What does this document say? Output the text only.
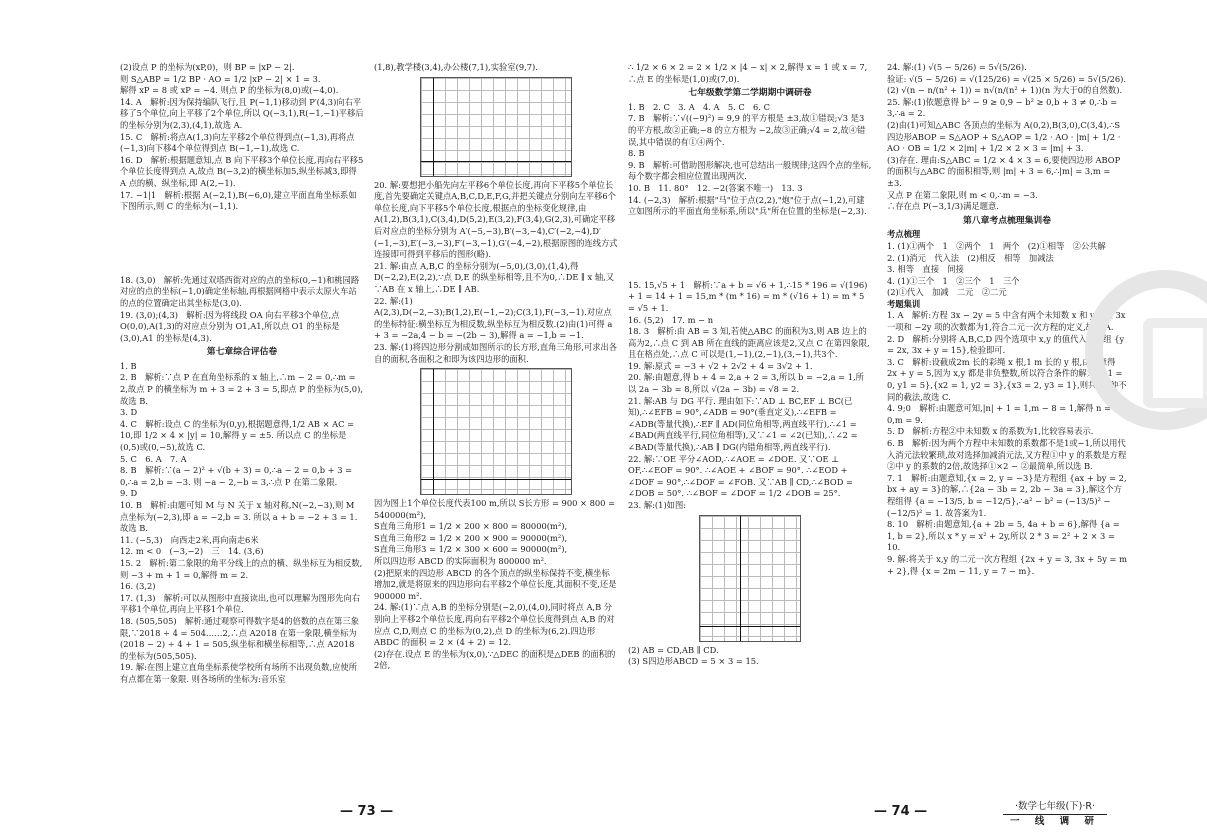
(2)设点 P 的坐标为(xP,0)，则 BP = |xP − 2|.

则 S△ABP = 1/2 BP · AO = 1/2 |xP − 2| × 1 = 3.

解得 xP = 8 或 xP = −4. 则点 P 的坐标为(8,0)或(−4,0).

14. A　解析:因为保持编队飞行,且 P(−1,1)移动到 P′(4,3)向右平移了5个单位,向上平移了2个单位,所以 Q(−3,1),R(−1,−1)平移后的坐标分别为(2,3),(4,1),故选 A.

15. C　解析:将点A(1,3)向左平移2个单位得到点(−1,3),再将点(−1,3)向下移4个单位得到点 B(−1,−1),故选 C.

16. D　解析:根据题意知,点 B 向下平移3个单位长度,再向右平移5个单位长度得到点 A,故点 B(−3,2)的横坐标加5,纵坐标减3,即得 A 点的横、纵坐标,即 A(2,−1).

17. −1|1　解析:根据 A(−2,1),B(−6,0),建立平面直角坐标系如下图所示,则 C 的坐标为(−1,1).

18. (3,0)　解析:先通过双塔西街对应的点的坐标(0,−1)和桃园路对应的点的坐标(−1,0)确定坐标轴,再根据网格中表示太原火车站的点的位置确定出其坐标是(3,0).

19. (3,0);(4,3)　解析:因为将线段 OA 向右平移3个单位,点 O(0,0),A(1,3)的对应点分别为 O1,A1,所以点 O1 的坐标是(3,0),A1 的坐标是(4,3).

第七章综合评估卷

1. B

2. B　解析:∵点 P 在直角坐标系的 x 轴上,∴m − 2 = 0,∴m = 2,故点 P 的横坐标为 m + 3 = 2 + 3 = 5,即点 P 的坐标为(5,0),故选 B.

3. D

4. C　解析:设点 C 的坐标为(0,y),根据题意得,1/2 AB × AC = 10,即 1/2 × 4 × |y| = 10,解得 y = ±5. 所以点 C 的坐标是(0,5)或(0,−5),故选 C.

5. C　6. A　7. A

8. B　解析:∵(a − 2)² + √(b + 3) = 0,∴a − 2 = 0,b + 3 = 0,∴a = 2,b = −3. 则 −a − 2,−b = 3,∴点 P 在第二象限.

9. D

10. B　解析:由题可知 M 与 N 关于 x 轴对称,N(−2,−3),则 M 点坐标为(−2,3),即 a = −2,b = 3. 所以 a + b = −2 + 3 = 1. 故选 B.

11. (−5,3)　向西走2米,再向南走6米

12. m < 0　(−3,−2)　三　14. (3,6)

15. 2　解析:第二象限的角平分线上的点的横、纵坐标互为相反数,则 −3 + m + 1 = 0,解得 m = 2.

16. (3,2)

17. (1,3)　解析:可以从图形中直接读出,也可以理解为图形先向右平移1个单位,再向上平移1个单位.

18. (505,505)　解析:通过观察可得数字是4的倍数的点在第三象限,∵2018 ÷ 4 = 504……2,∴点 A2018 在第一象限,横坐标为(2018 − 2) ÷ 4 + 1 = 505,纵坐标和横坐标相等,∴点 A2018 的坐标为(505,505).

19. 解:在图上建立直角坐标系使学校所有场所不出现负数,应使所有点都在第一象限. 则各场所的坐标为:音乐室

(1,8),教学楼(3,4),办公楼(7,1),实验室(9,7).

20. 解:要想把小船先向左平移6个单位长度,再向下平移5个单位长度,首先要确定关键点A,B,C,D,E,F,G,并把关键点分别向左平移6个单位长度,向下平移5个单位长度,根据点的坐标变化规律,由 A(1,2),B(3,1),C(3,4),D(5,2),E(3,2),F(3,4),G(2,3),可确定平移后对应点的坐标分别为 A′(−5,−3),B′(−3,−4),C′(−2,−4),D′(−1,−3),E′(−3,−3),F′(−3,−1),G′(−4,−2),根据原图的连线方式连接即可得到平移后的图形(略).

21. 解:由点 A,B,C 的坐标分别为(−5,0),(3,0),(1,4),得 D(−2,2),E(2,2),∵点 D,E 的纵坐标相等,且不为0,∴DE ∥ x 轴,又∵AB 在 x 轴上,∴DE ∥ AB.

22. 解:(1) A(2,3),D(−2,−3);B(1,2),E(−1,−2);C(3,1),F(−3,−1).对应点的坐标特征:横坐标互为相反数,纵坐标互为相反数.(2)由(1)可得 a + 3 = −2a,4 − b = −(2b − 3),解得 a = −1,b = −1.

23. 解:(1)将四边形分割成如图所示的长方形,直角三角形,可求出各自的面积,各面积之和即为该四边形的面积.

因为图上1个单位长度代表100 m,所以 S长方形 = 900 × 800 = 540000(m²),

S直角三角形1 = 1/2 × 200 × 800 = 80000(m²),

S直角三角形2 = 1/2 × 200 × 900 = 90000(m²),

S直角三角形3 = 1/2 × 300 × 600 = 90000(m²),

所以四边形 ABCD 的实际面积为 800000 m².

(2)把原来的四边形 ABCD 的各个顶点的纵坐标保持不变,横坐标增加2,就是将原来的四边形向右平移2个单位长度,其面积不变,还是 900000 m².

24. 解:(1)∵点 A,B 的坐标分别是(−2,0),(4,0),同时将点 A,B 分别向上平移2个单位长度,再向右平移2个单位长度得到点 A,B 的对应点 C,D,则点 C 的坐标为(0,2),点 D 的坐标为(6,2).四边形 ABDC 的面积 = 2 × (4 + 2) = 12.

(2)存在.设点 E 的坐标为(x,0),∵△DEC 的面积是△DEB 的面积的2倍,

∴ 1/2 × 6 × 2 = 2 × 1/2 × |4 − x| × 2,解得 x = 1 或 x = 7,

∴点 E 的坐标是(1,0)或(7,0).

七年级数学第二学期期中调研卷

1. B　2. C　3. A　4. A　5. C　6. C

7. B　解析:∵√((−9)²) = 9,9 的平方根是 ±3,故①错误;√3 是3的平方根,故②正确;−8 的立方根为 −2,故③正确;√4 = 2,故④错误,其中错误的有①④两个.

8. B

9. B　解析:可借助图形解决,也可总结出一般规律;这四个点的坐标,每个数字都会相应位置出现两次.

10. B　11. 80°　12. −2(答案不唯一)　13. 3

14. (−2,3)　解析:根据"马"位于点(2,2),"炮"位于点(−1,2),可建立如图所示的平面直角坐标系,所以"兵"所在位置的坐标是(−2,3).

15. 15,√5 + 1　解析:∵a + b = √6 + 1,∴15 * 196 = √(196) + 1 = 14 + 1 = 15,m * (m * 16) = m * (√16 + 1) = m * 5 = √5 + 1.

16. (5,2)　17. m − n

18. 3　解析:由 AB = 3 知,若使△ABC 的面积为3,则 AB 边上的高为2,∴点 C 到 AB 所在直线的距离应该是2,又点 C 在第四象限,且在格点处,∴点 C 可以是(1,−1),(2,−1),(3,−1),共3个.

19. 解:原式 = −3 + √2 + 2√2 + 4 = 3√2 + 1.

20. 解:由题意,得 b + 4 = 2,a + 2 = 3,所以 b = −2,a = 1,所以 2a − 3b = 8,所以 √(2a − 3b) = √8 = 2.

21. 解:AB 与 DG 平行. 理由如下:∵AD ⊥ BC,EF ⊥ BC(已知),∴∠EFB = 90°,∠ADB = 90°(垂直定义),∴∠EFB = ∠ADB(等量代换),∴EF ∥ AD(同位角相等,两直线平行),∴∠1 = ∠BAD(两直线平行,同位角相等),又∵∠1 = ∠2(已知),∴∠2 = ∠BAD(等量代换),∴AB ∥ DG(内错角相等,两直线平行).

22. 解:∵OE 平分∠AOD,∴∠AOE = ∠DOE. 又∵OE ⊥ OF,∴∠EOF = 90°. ∴∠AOE + ∠BOF = 90°. ∴∠EOD + ∠DOF = 90°,∴∠DOF = ∠FOB. 又∵AB ∥ CD,∴∠BOD = ∠DOB = 50°. ∴∠BOF = ∠DOF = 1/2 ∠DOB = 25°.

23. 解:(1)如图:

(2) AB = CD,AB ∥ CD.

(3) S四边形ABCD = 5 × 3 = 15.

24. 解:(1) √(5 − 5/26) = 5√(5/26).

验证: √(5 − 5/26) = √(125/26) = √(25 × 5/26) = 5√(5/26).

(2) √(n − n/(n² + 1)) = n√(n/(n² + 1))(n 为大于0的自然数).

25. 解:(1)依题意得 b² − 9 ≥ 0,9 − b² ≥ 0,b + 3 ≠ 0,∴b = 3,∴a = 2.

(2)由(1)可知△ABC 各顶点的坐标为 A(0,2),B(3,0),C(3,4),∴S四边形ABOP = S△AOP + S△AOP = 1/2 · AO · |m| + 1/2 · AO · OB = 1/2 × 2|m| + 1/2 × 2 × 3 = |m| + 3.

(3)存在. 理由:S△ABC = 1/2 × 4 × 3 = 6,要使四边形 ABOP 的面积与△ABC 的面积相等,则 |m| + 3 = 6,∴|m| = 3,m = ±3.

又点 P 在第二象限,则 m < 0,∴m = −3.

∴存在点 P(−3,1/3)满足题意.

第八章考点梳理集训卷

考点梳理

1. (1)①两个　1　②两个　1　两个　(2)①相等　②公共解

2. (1)消元　代入法　(2)相反　相等　加减法

3. 相等　直接　间接

4. (1)①三个　1　②三个　1　三个

(2)①代入　加减　二元　②二元

考题集训

1. A　解析:方程 3x − 2y = 5 中含有两个未知数 x 和 y,并且 3x 一项和 −2y 项的次数都为1,符合二元一次方程的定义,故选 A.

2. D　解析:分别将 A,B,C,D 四个选项中 x,y 的值代入方程组 {y = 2x, 3x + y = 15},检验即可.

3. C　解析:设截成2m 长的彩绳 x 根,1 m 长的 y 根,由题意得 2x + y = 5,因为 x,y 都是非负整数,所以符合条件的解为 {x1 = 0, y1 = 5},{x2 = 1, y2 = 3},{x3 = 2, y3 = 1},则共有3种不同的截法,故选 C.

4. 9;0　解析:由题意可知,|n| + 1 = 1,m − 8 = 1,解得 n = 0,m = 9.

5. D　解析:方程②中未知数 x 的系数为1,比较容易表示.

6. B　解析:因为两个方程中未知数的系数都不是1或−1,所以用代入消元法较繁琐,故对选择加减消元法,又方程①中 y 的系数是方程②中 y 的系数的2倍,故选择①×2 − ②最简单,所以选 B.

7. 1　解析:由题意知,{x = 2, y = −3}是方程组 {ax + by = 2, bx + ay = 3}的解,∴{2a − 3b = 2, 2b − 3a = 3},解这个方程组得 {a = −13/5, b = −12/5},∴a² − b² = (−13/5)² − (−12/5)² = 1. 故答案为1.

8. 10　解析:由题意知,{a + 2b = 5, 4a + b = 6},解得 {a = 1, b = 2},所以 x * y = x² + 2y,所以 2 * 3 = 2² + 2 × 3 = 10.

9. 解:将关于 x,y 的二元一次方程组 {2x + y = 3, 3x + 5y = m + 2},得 {x = 2m − 11, y = 7 − m}.

— 73 —	— 74 —	·数学七年级(下)·R·
一 线 调 研
